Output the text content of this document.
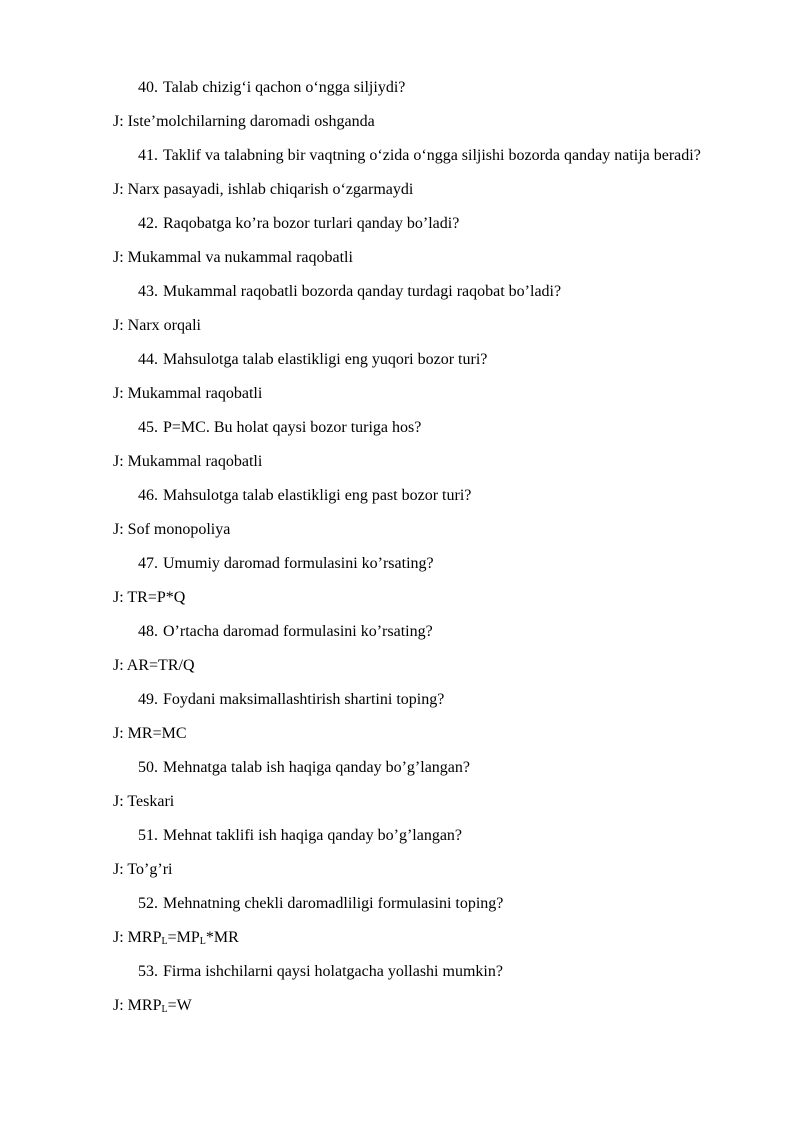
40. Talab chizig‘i qachon o‘ngga siljiydi?
J: Iste’molchilarning daromadi oshganda
41. Taklif va talabning bir vaqtning o‘zida o‘ngga siljishi bozorda qanday natija beradi?
J: Narx pasayadi, ishlab chiqarish o‘zgarmaydi
42. Raqobatga ko’ra bozor turlari qanday bo’ladi?
J: Mukammal va nukammal raqobatli
43. Mukammal raqobatli bozorda qanday turdagi raqobat bo’ladi?
J: Narx orqali
44. Mahsulotga talab elastikligi eng yuqori bozor turi?
J: Mukammal raqobatli
45. P=MC. Bu holat qaysi bozor turiga hos?
J: Mukammal raqobatli
46. Mahsulotga talab elastikligi eng past bozor turi?
J: Sof monopoliya
47. Umumiy daromad formulasini ko’rsating?
J: TR=P*Q
48. O’rtacha daromad formulasini ko’rsating?
J: AR=TR/Q
49. Foydani maksimallashtirish shartini toping?
J: MR=MC
50. Mehnatga talab ish haqiga qanday bo’g’langan?
J: Teskari
51. Mehnat taklifi ish haqiga qanday bo’g’langan?
J: To’g’ri
52. Mehnatning chekli daromadliligi formulasini toping?
J: $MRP_L=MP_L*MR$
53. Firma ishchilarni qaysi holatgacha yollashi mumkin?
J: $MRP_L=W$
